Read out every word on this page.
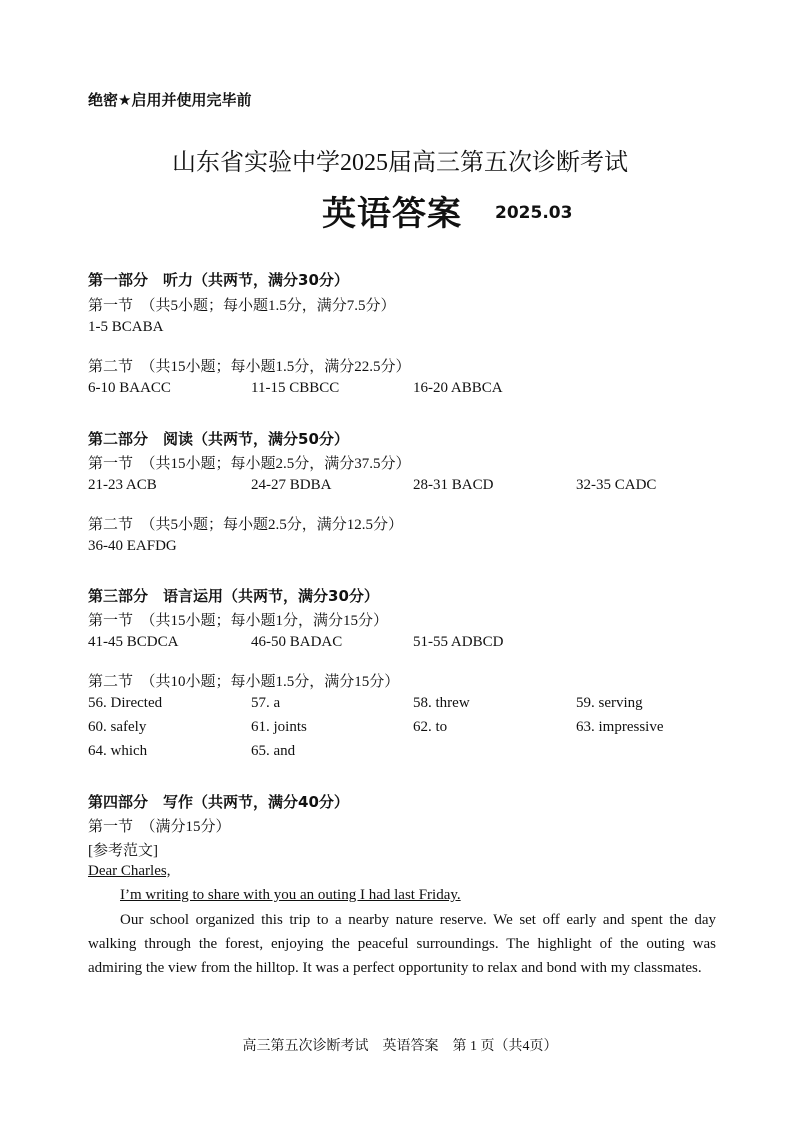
绝密★启用并使用完毕前
山东省实验中学2025届高三第五次诊断考试
英语答案 2025.03
第一部分　听力（共两节，满分30分）
第一节　（共5小题；每小题1.5分，满分7.5分）
1-5 BCABA
第二节　（共15小题；每小题1.5分，满分22.5分）
6-10 BAACC	11-15 CBBCC	16-20 ABBCA
第二部分　阅读（共两节，满分50分）
第一节　（共15小题；每小题2.5分，满分37.5分）
21-23 ACB	24-27 BDBA	28-31 BACD	32-35 CADC
第二节　（共5小题；每小题2.5分，满分12.5分）
36-40 EAFDG
第三部分　语言运用（共两节，满分30分）
第一节　（共15小题；每小题1分，满分15分）
41-45 BCDCA	46-50 BADAC	51-55 ADBCD
第二节　（共10小题；每小题1.5分，满分15分）
56. Directed	57. a	58. threw	59. serving
60. safely	61. joints	62. to	63. impressive
64. which	65. and
第四部分　写作（共两节，满分40分）
第一节　（满分15分）
[参考范文]
Dear Charles,
I’m writing to share with you an outing I had last Friday.
Our school organized this trip to a nearby nature reserve. We set off early and spent the day walking through the forest, enjoying the peaceful surroundings. The highlight of the outing was admiring the view from the hilltop. It was a perfect opportunity to relax and bond with my classmates.
高三第五次诊断考试　英语答案　第 1 页（共4页）
